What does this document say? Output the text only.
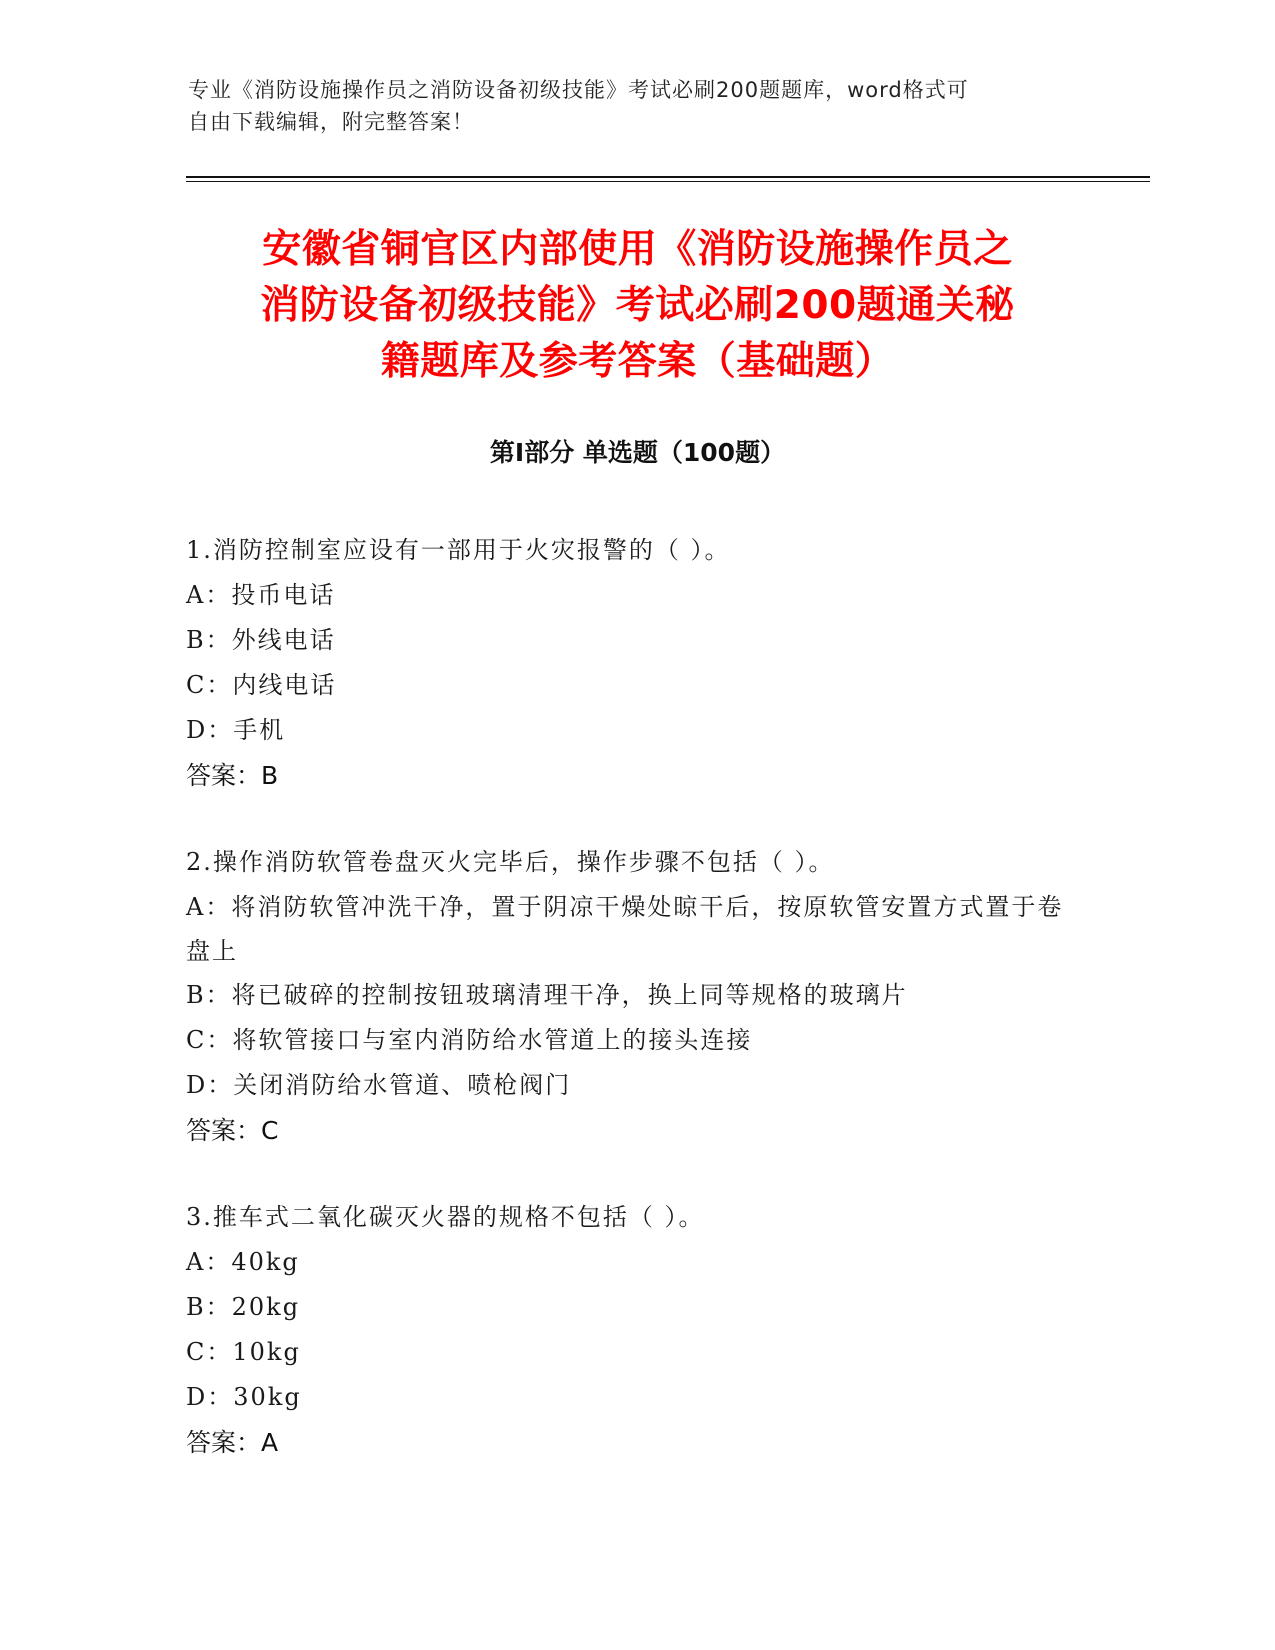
专业《消防设施操作员之消防设备初级技能》考试必刷200题题库，word格式可
自由下载编辑，附完整答案！
安徽省铜官区内部使用《消防设施操作员之
消防设备初级技能》考试必刷200题通关秘
籍题库及参考答案（基础题）
第Ⅰ部分 单选题（100题）
1.消防控制室应设有一部用于火灾报警的（ ）。
A：投币电话
B：外线电话
C：内线电话
D：手机
答案：B
2.操作消防软管卷盘灭火完毕后，操作步骤不包括（ ）。
A：将消防软管冲洗干净，置于阴凉干燥处晾干后，按原软管安置方式置于卷盘上
B：将已破碎的控制按钮玻璃清理干净，换上同等规格的玻璃片
C：将软管接口与室内消防给水管道上的接头连接
D：关闭消防给水管道、喷枪阀门
答案：C
3.推车式二氧化碳灭火器的规格不包括（ ）。
A：40kg
B：20kg
C：10kg
D：30kg
答案：A
